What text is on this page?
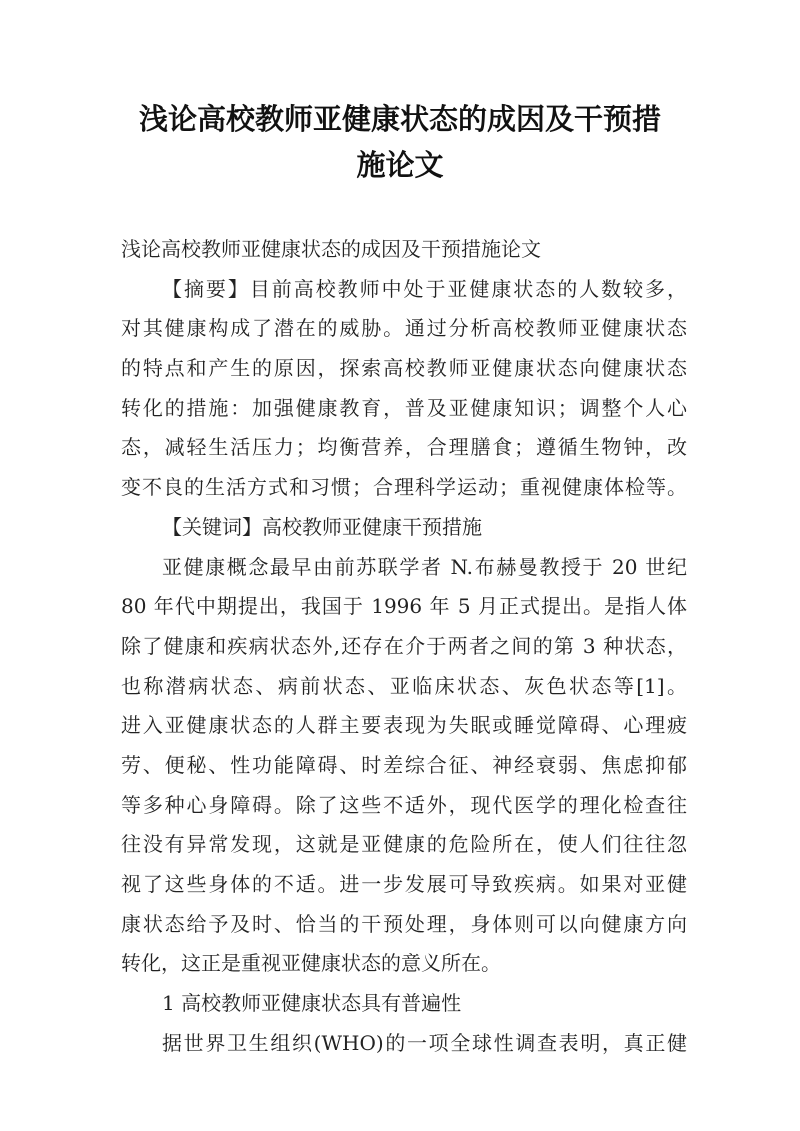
浅论高校教师亚健康状态的成因及干预措
施论文
浅论高校教师亚健康状态的成因及干预措施论文
【摘要】目前高校教师中处于亚健康状态的人数较多，
对其健康构成了潜在的威胁。通过分析高校教师亚健康状态
的特点和产生的原因，探索高校教师亚健康状态向健康状态
转化的措施：加强健康教育，普及亚健康知识；调整个人心
态，减轻生活压力；均衡营养，合理膳食；遵循生物钟，改
变不良的生活方式和习惯；合理科学运动；重视健康体检等。
【关键词】高校教师亚健康干预措施
亚健康概念最早由前苏联学者 N.布赫曼教授于 20 世纪
80 年代中期提出，我国于 1996 年 5 月正式提出。是指人体
除了健康和疾病状态外,还存在介于两者之间的第 3 种状态，
也称潜病状态、病前状态、亚临床状态、灰色状态等[1]。
进入亚健康状态的人群主要表现为失眠或睡觉障碍、心理疲
劳、便秘、性功能障碍、时差综合征、神经衰弱、焦虑抑郁
等多种心身障碍。除了这些不适外，现代医学的理化检查往
往没有异常发现，这就是亚健康的危险所在，使人们往往忽
视了这些身体的不适。进一步发展可导致疾病。如果对亚健
康状态给予及时、恰当的干预处理，身体则可以向健康方向
转化，这正是重视亚健康状态的意义所在。
1 高校教师亚健康状态具有普遍性
据世界卫生组织(WHO)的一项全球性调查表明，真正健
